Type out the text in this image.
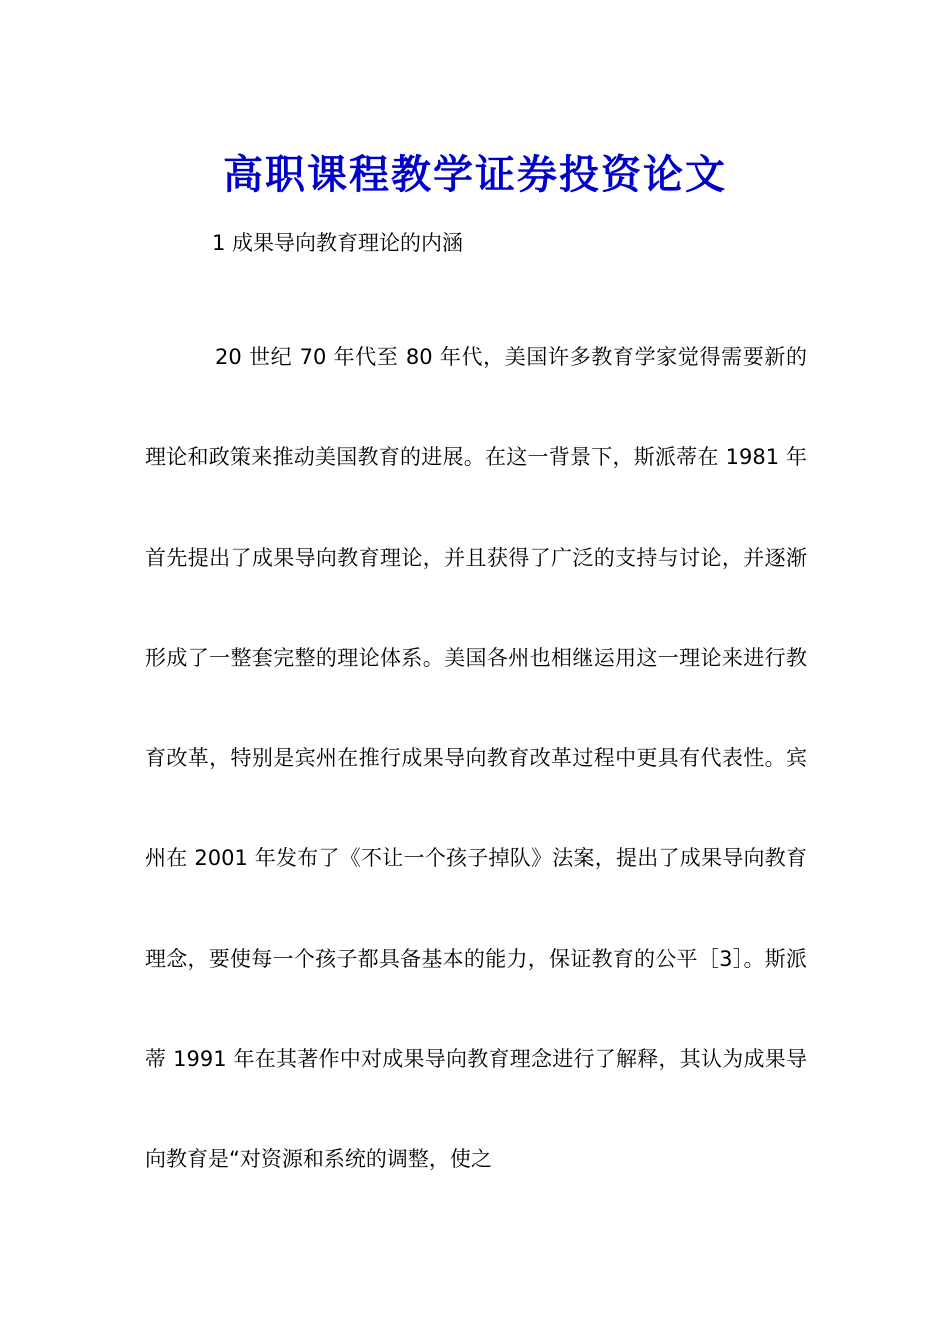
高职课程教学证券投资论文
1 成果导向教育理论的内涵

20 世纪 70 年代至 80 年代，美国许多教育学家觉得需要新的理论和政策来推动美国教育的进展。在这一背景下，斯派蒂在 1981 年首先提出了成果导向教育理论，并且获得了广泛的支持与讨论，并逐渐形成了一整套完整的理论体系。美国各州也相继运用这一理论来进行教育改革，特别是宾州在推行成果导向教育改革过程中更具有代表性。宾州在 2001 年发布了《不让一个孩子掉队》法案，提出了成果导向教育理念，要使每一个孩子都具备基本的能力，保证教育的公平［3］。斯派蒂 1991 年在其著作中对成果导向教育理念进行了解释，其认为成果导向教育是“对资源和系统的调整，使之
